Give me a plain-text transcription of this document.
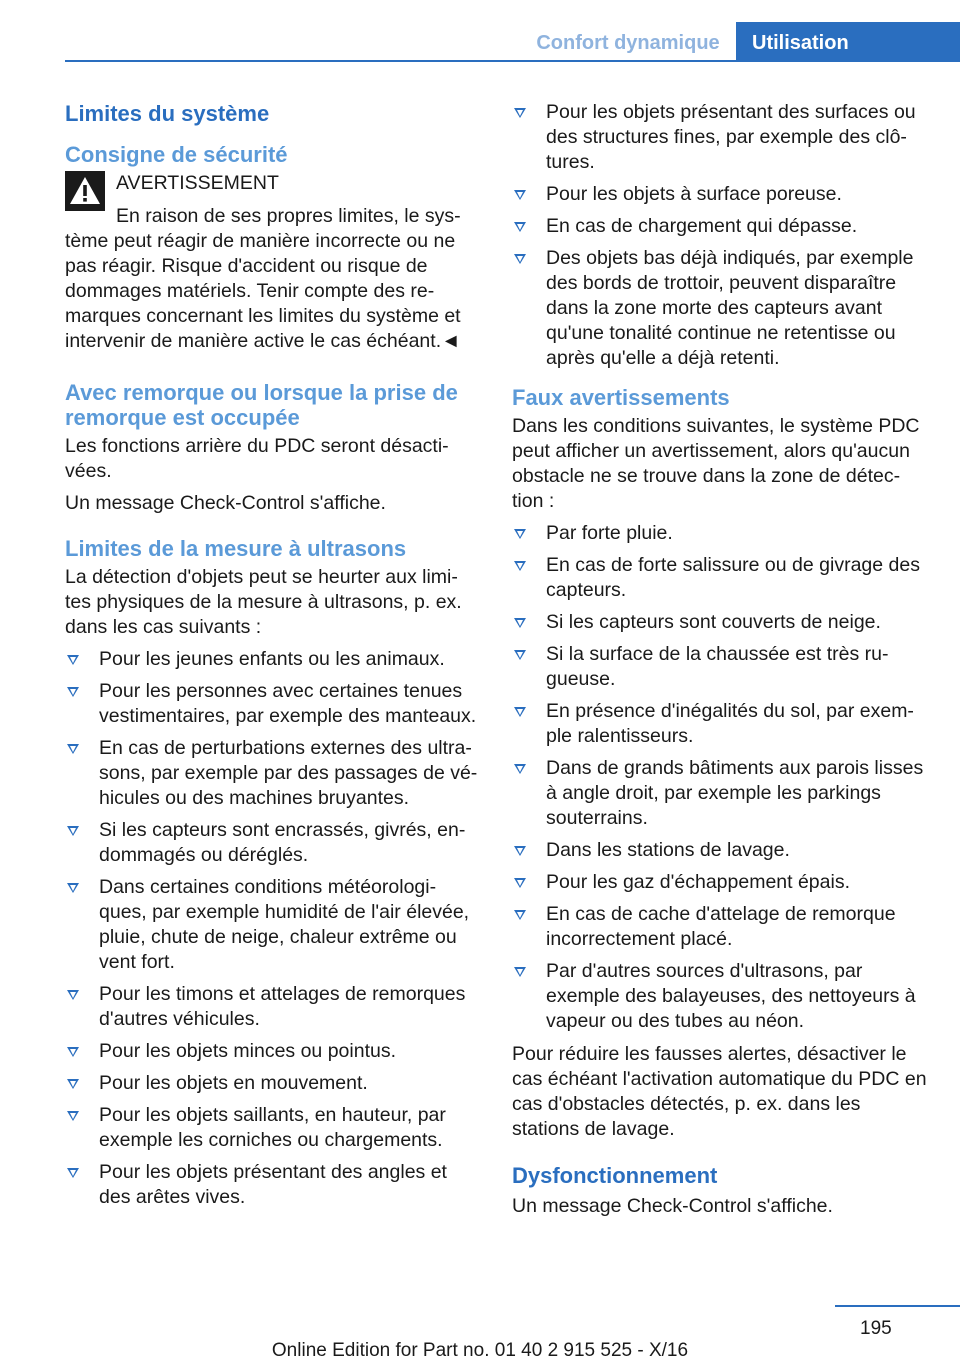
Confort dynamique	Utilisation
Limites du système
Consigne de sécurité
AVERTISSEMENT
En raison de ses propres limites, le sys-tème peut réagir de manière incorrecte ou ne pas réagir. Risque d'accident ou risque de dommages matériels. Tenir compte des re-marques concernant les limites du système et intervenir de manière active le cas échéant.◄
Avec remorque ou lorsque la prise de remorque est occupée

Les fonctions arrière du PDC seront désacti-vées.

Un message Check-Control s'affiche.

Limites de la mesure à ultrasons

La détection d'objets peut se heurter aux limi-tes physiques de la mesure à ultrasons, p. ex. dans les cas suivants :

Pour les jeunes enfants ou les animaux.
Pour les personnes avec certaines tenues vestimentaires, par exemple des manteaux.
En cas de perturbations externes des ultra-sons, par exemple par des passages de vé-hicules ou des machines bruyantes.
Si les capteurs sont encrassés, givrés, en-dommagés ou déréglés.
Dans certaines conditions météorologi-ques, par exemple humidité de l'air élevée, pluie, chute de neige, chaleur extrême ou vent fort.
Pour les timons et attelages de remorques d'autres véhicules.
Pour les objets minces ou pointus.
Pour les objets en mouvement.
Pour les objets saillants, en hauteur, par exemple les corniches ou chargements.
Pour les objets présentant des angles et des arêtes vives.
Pour les objets présentant des surfaces ou des structures fines, par exemple des clô-tures.
Pour les objets à surface poreuse.
En cas de chargement qui dépasse.
Des objets bas déjà indiqués, par exemple des bords de trottoir, peuvent disparaître dans la zone morte des capteurs avant qu'une tonalité continue ne retentisse ou après qu'elle a déjà retenti.
Faux avertissements

Dans les conditions suivantes, le système PDC peut afficher un avertissement, alors qu'aucun obstacle ne se trouve dans la zone de détec-tion :

Par forte pluie.
En cas de forte salissure ou de givrage des capteurs.
Si les capteurs sont couverts de neige.
Si la surface de la chaussée est très ru-gueuse.
En présence d'inégalités du sol, par exem-ple ralentisseurs.
Dans de grands bâtiments aux parois lisses à angle droit, par exemple les parkings souterrains.
Dans les stations de lavage.
Pour les gaz d'échappement épais.
En cas de cache d'attelage de remorque incorrectement placé.
Par d'autres sources d'ultrasons, par exemple des balayeuses, des nettoyeurs à vapeur ou des tubes au néon.

Pour réduire les fausses alertes, désactiver le cas échéant l'activation automatique du PDC en cas d'obstacles détectés, p. ex. dans les stations de lavage.

Dysfonctionnement

Un message Check-Control s'affiche.

195
Online Edition for Part no. 01 40 2 915 525 - X/16
